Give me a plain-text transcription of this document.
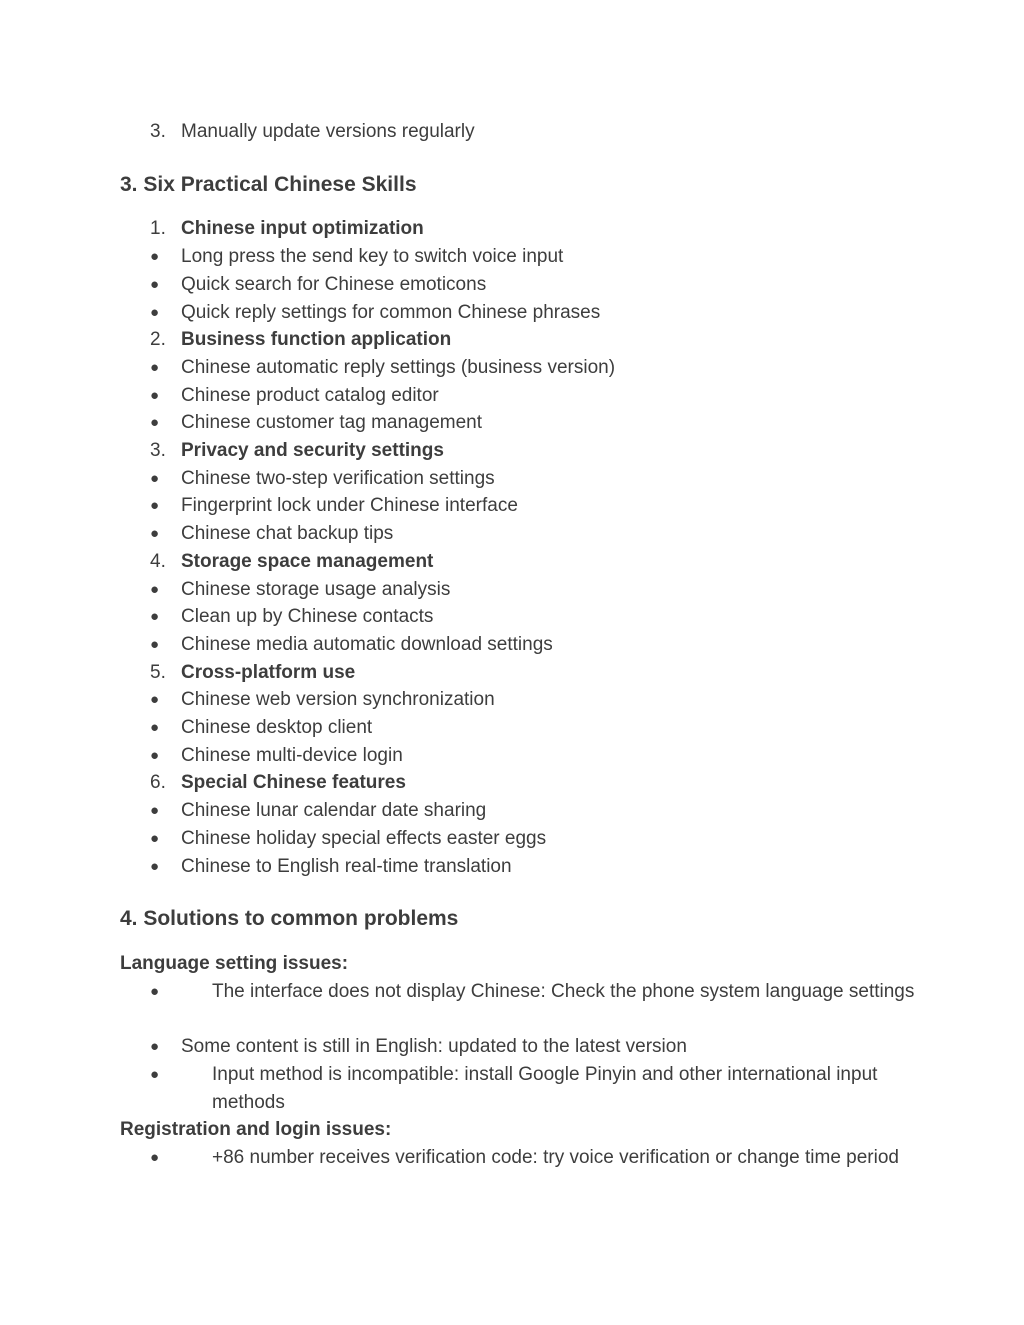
3. Manually update versions regularly
3. Six Practical Chinese Skills
1. Chinese input optimization
●	Long press the send key to switch voice input
●	Quick search for Chinese emoticons
●	Quick reply settings for common Chinese phrases
2. Business function application
●	Chinese automatic reply settings (business version)
●	Chinese product catalog editor
●	Chinese customer tag management
3. Privacy and security settings
●	Chinese two-step verification settings
●	Fingerprint lock under Chinese interface
●	Chinese chat backup tips
4. Storage space management
●	Chinese storage usage analysis
●	Clean up by Chinese contacts
●	Chinese media automatic download settings
5. Cross-platform use
●	Chinese web version synchronization
●	Chinese desktop client
●	Chinese multi-device login
6. Special Chinese features
●	Chinese lunar calendar date sharing
●	Chinese holiday special effects easter eggs
●	Chinese to English real-time translation
4. Solutions to common problems
Language setting issues:
●	The interface does not display Chinese: Check the phone system language settings
●	Some content is still in English: updated to the latest version
●	Input method is incompatible: install Google Pinyin and other international input methods
Registration and login issues:
●	+86 number receives verification code: try voice verification or change time period
